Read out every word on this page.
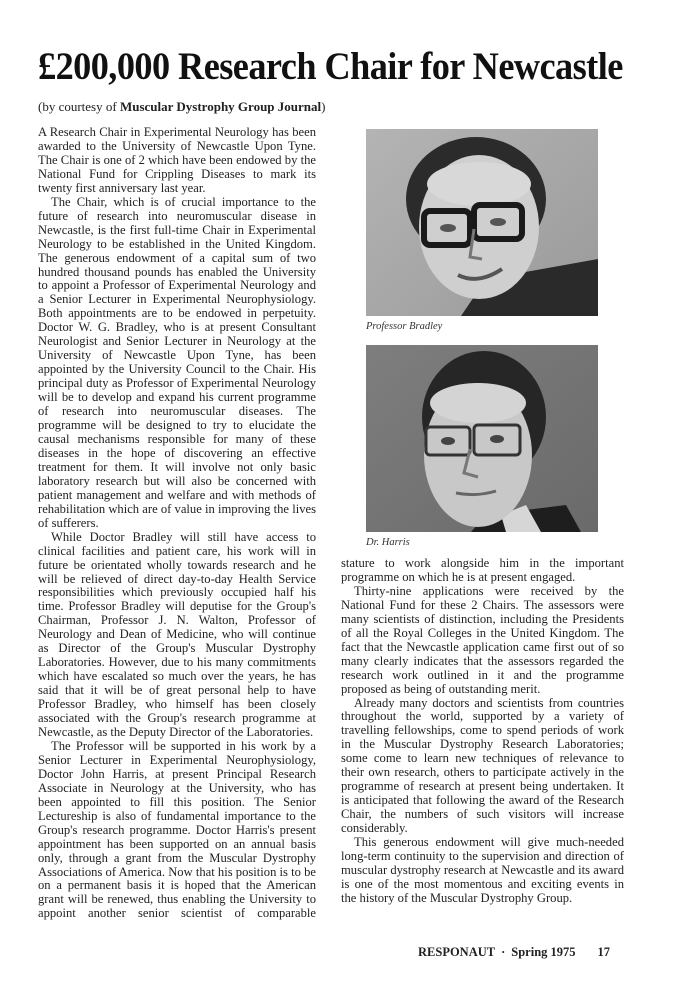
£200,000 Research Chair for Newcastle
(by courtesy of Muscular Dystrophy Group Journal)

A Research Chair in Experimental Neurology has been awarded to the University of Newcastle Upon Tyne. The Chair is one of 2 which have been endowed by the National Fund for Crippling Diseases to mark its twenty first anniversary last year.

The Chair, which is of crucial importance to the future of research into neuromuscular disease in Newcastle, is the first full-time Chair in Experimental Neurology to be established in the United Kingdom. The generous endowment of a capital sum of two hundred thousand pounds has enabled the University to appoint a Professor of Experimental Neurology and a Senior Lecturer in Experimental Neurophysiology. Both appointments are to be endowed in perpetuity. Doctor W. G. Bradley, who is at present Consultant Neurologist and Senior Lecturer in Neurology at the University of Newcastle Upon Tyne, has been appointed by the University Council to the Chair. His principal duty as Professor of Experimental Neurology will be to develop and expand his current programme of research into neuromuscular diseases. The programme will be designed to try to elucidate the causal mechanisms responsible for many of these diseases in the hope of discovering an effective treatment for them. It will involve not only basic laboratory research but will also be concerned with patient management and welfare and with methods of rehabilitation which are of value in improving the lives of sufferers.

While Doctor Bradley will still have access to clinical facilities and patient care, his work will in future be orientated wholly towards research and he will be relieved of direct day-to-day Health Service responsibilities which previously occupied half his time. Professor Bradley will deputise for the Group's Chairman, Professor J. N. Walton, Professor of Neurology and Dean of Medicine, who will continue as Director of the Group's Muscular Dystrophy Laboratories. However, due to his many commitments which have escalated so much over the years, he has said that it will be of great personal help to have Professor Bradley, who himself has been closely associated with the Group's research programme at Newcastle, as the Deputy Director of the Laboratories.

The Professor will be supported in his work by a Senior Lecturer in Experimental Neurophysiology, Doctor John Harris, at present Principal Research Associate in Neurology at the University, who has been appointed to fill this position. The Senior Lectureship is also of fundamental importance to the Group's research programme. Doctor Harris's present appointment has been supported on an annual basis only, through a grant from the Muscular Dystrophy Associations of America. Now that his position is to be on a permanent basis it is hoped that the American grant will be renewed, thus enabling the University to appoint another senior scientist of comparable

Professor Bradley
Dr. Harris

stature to work alongside him in the important programme on which he is at present engaged.

Thirty-nine applications were received by the National Fund for these 2 Chairs. The assessors were many scientists of distinction, including the Presidents of all the Royal Colleges in the United Kingdom. The fact that the Newcastle application came first out of so many clearly indicates that the assessors regarded the research work outlined in it and the programme proposed as being of outstanding merit.

Already many doctors and scientists from countries throughout the world, supported by a variety of travelling fellowships, come to spend periods of work in the Muscular Dystrophy Research Laboratories; some come to learn new techniques of relevance to their own research, others to participate actively in the programme of research at present being undertaken. It is anticipated that following the award of the Research Chair, the numbers of such visitors will increase considerably.

This generous endowment will give much-needed long-term continuity to the supervision and direction of muscular dystrophy research at Newcastle and its award is one of the most momentous and exciting events in the history of the Muscular Dystrophy Group.

RESPONAUT · Spring 1975 17
